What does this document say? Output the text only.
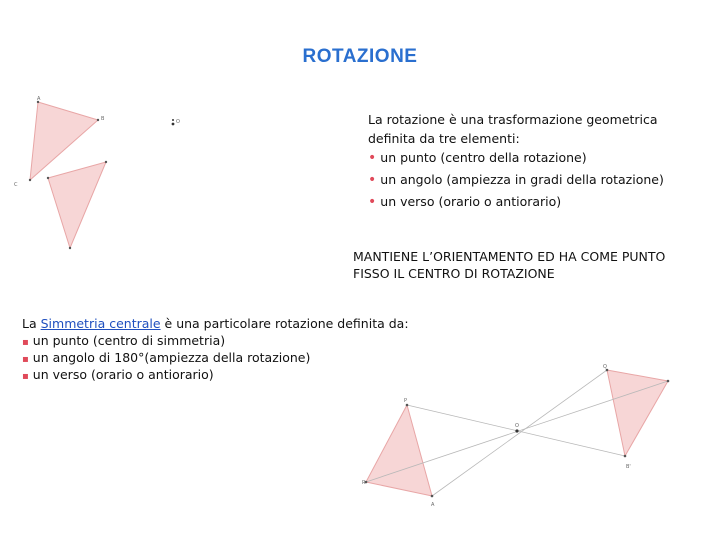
ROTAZIONE
A
B
C
O	La rotazione è una trasformazione geometrica definita da tre elementi:
• un punto (centro della rotazione)
• un angolo (ampiezza in gradi della rotazione)
• un verso (orario o antiorario)
MANTIENE L’ORIENTAMENTO ED HA COME PUNTO FISSO IL CENTRO DI ROTAZIONE
La Simmetria centrale è una particolare rotazione definita da:
▪ un punto (centro di simmetria)
▪ un angolo di 180°(ampiezza della rotazione)
▪ un verso (orario o antiorario)
P
R
A
O
Q
B'
